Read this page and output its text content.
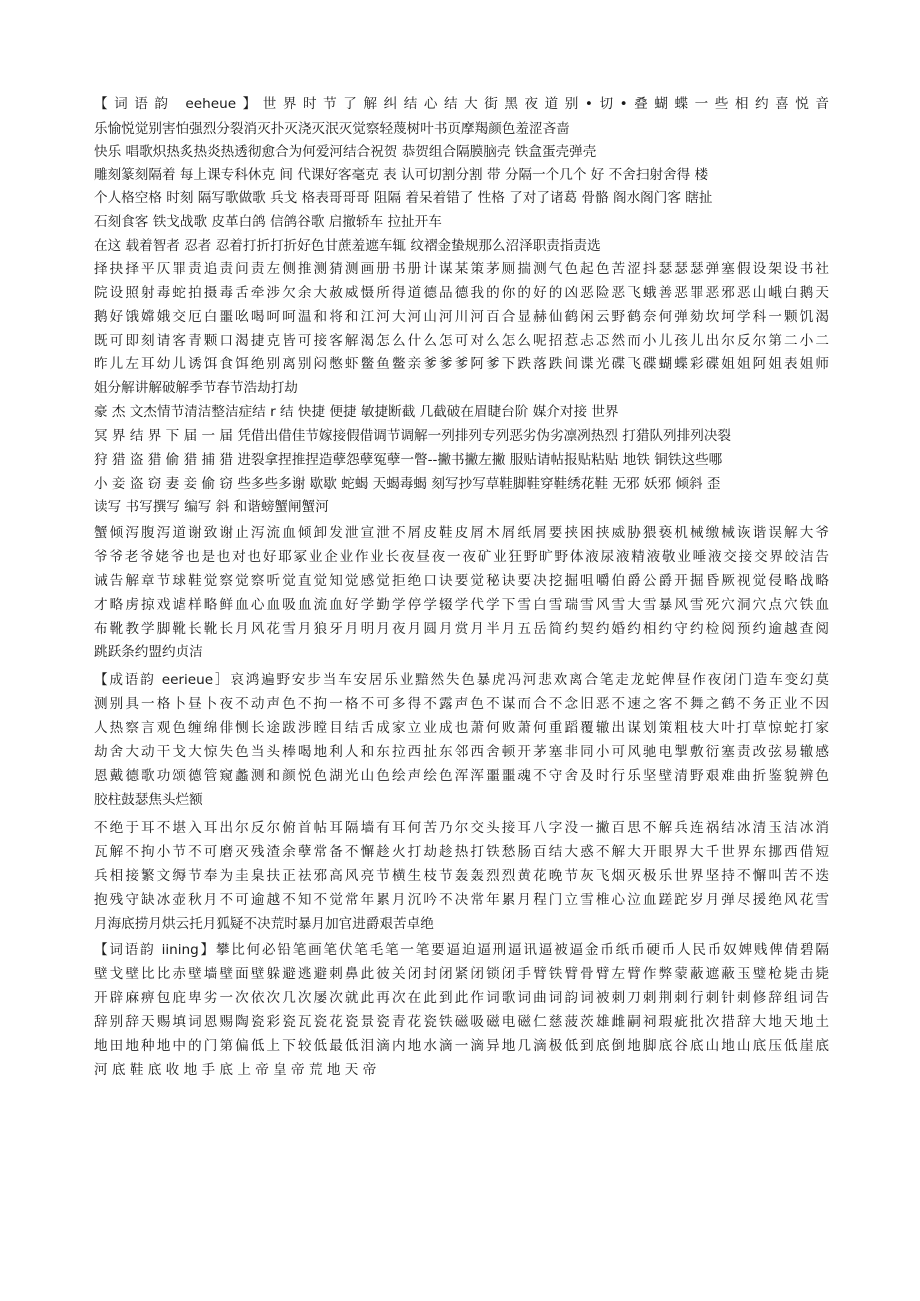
【词语韵 eeheue】世界时节了解纠结心结大街黑夜道别•切•叠蝴蝶一些相约喜悦音
乐愉悦觉别害怕强烈分裂消灭扑灭浇灭泯灭觉察轻蔑树叶书页摩羯颜色羞涩吝啬
快乐 唱歌炽热炙热炎热透彻愈合为何爱河结合祝贺 恭贺组合隔膜脑壳 铁盒蛋壳弹壳
雕刻篆刻隔着 每上课专科休克 间 代课好客毫克 表 认可切割分割 带 分隔一个几个 好 不舍扫射舍得 楼
个人格空格 时刻 隔写歌做歌 兵戈 格表哥哥哥 阻隔 着呆着错了 性格 了对了诸葛 骨骼 阁水阁门客 瞎扯
石刻食客 铁戈战歌 皮革白鸽 信鸽谷歌 启撤轿车 拉扯开车
在这 载着智者 忍者 忍着打折打折好色甘蔗羞遮车辄 纹褶金蛰规那么沼泽职责指责选
择抉择平仄罪责追责问责左侧推测猜测画册书册计谋某策茅厕揣测气色起色苦涩抖瑟瑟瑟弹塞假设架设书社
院设照射毒蛇拍摄毒舌牵涉欠余大赦威慑所得道德品德我的你的好的凶恶险恶飞蛾善恶罪恶邪恶山峨白鹅天
鹅好饿嫦娥交厄白噩吆喝呵呵温和将和江河大河山河川河百合显赫仙鹤闲云野鹤奈何弹劾坎坷学科一颗饥渴
既可即刻请客青颗口渴捷克皆可接客解渴怎么什么怎可对么怎么呢招惹忐忑然而小儿孩儿出尔反尔第二小二
昨儿左耳幼儿诱饵食饵绝别离别闷憋虾鳖鱼鳖亲爹爹爹阿爹下跌落跌间谍光碟飞碟蝴蝶彩碟姐姐阿姐表姐师
姐分解讲解破解季节春节浩劫打劫
豪 杰 文杰情节清洁整洁症结 r 结 快捷 便捷 敏捷断截 几截破在眉睫台阶 媒介对接 世界
冥 界 结 界 下 届 一 届 凭借出借佳节嫁接假借调节调解一列排列专列恶劣伪劣凛冽热烈 打猎队列排列决裂
狩 猎 盗 猎 偷 猎 捕 猎 进裂拿捏推捏造孽怨孽冤孽一瞥--撇书撇左撇 服贴请帖报贴粘贴 地铁 铜铁这些哪
小 妾 盗 窃 妻 妾 偷 窃 些多些多谢 歇歇 蛇蝎 天蝎毒蝎 刻写抄写草鞋脚鞋穿鞋绣花鞋 无邪 妖邪 倾斜 歪
读写 书写撰写 编写 斜 和谐螃蟹闸蟹河
蟹倾泻腹泻道谢致谢止泻流血倾卸发泄宣泄不屑皮鞋皮屑木屑纸屑要挟困挟威胁猥亵机械缴械诙谐误解大爷
爷爷老爷姥爷也是也对也好耶冢业企业作业长夜昼夜一夜矿业狂野旷野体液尿液精液敬业唾液交接交界皎洁告
诫告解章节球鞋觉察觉察听觉直觉知觉感觉拒绝口诀要觉秘诀要决挖掘咀嚼伯爵公爵开掘昏厥视觉侵略战略
才略虏掠戏谑样略鲜血心血吸血流血好学勤学停学辍学代学下雪白雪瑞雪风雪大雪暴风雪死穴洞穴点穴铁血
布靴教学脚靴长靴长月风花雪月狼牙月明月夜月圆月赏月半月五岳简约契约婚约相约守约检阅预约逾越查阅
跳跃条约盟约贞洁
【成语韵 eerieue］哀鸿遍野安步当车安居乐业黯然失色暴虎冯河悲欢离合笔走龙蛇俾昼作夜闭门造车变幻莫
测别具一格卜昼卜夜不动声色不拘一格不可多得不露声色不谋而合不念旧恶不速之客不舞之鹤不务正业不因
人热察言观色缠绵俳恻长途跋涉瞠目结舌成家立业成也萧何败萧何重蹈覆辙出谋划策粗枝大叶打草惊蛇打家
劫舍大动干戈大惊失色当头棒喝地利人和东拉西扯东邻西舍顿开茅塞非同小可风驰电掣敷衍塞责改弦易辙感
恩戴德歌功颂德管窥蠡测和颜悦色湖光山色绘声绘色浑浑噩噩魂不守舍及时行乐坚壁清野艰难曲折鉴貌辨色
胶柱鼓瑟焦头烂额
不绝于耳不堪入耳出尔反尔俯首帖耳隔墙有耳何苦乃尔交头接耳八字没一撇百思不解兵连祸结冰清玉洁冰消
瓦解不拘小节不可磨灭残渣余孽常备不懈趁火打劫趁热打铁愁肠百结大惑不解大开眼界大千世界东挪西借短
兵相接繁文缛节奉为圭臬扶正祛邪高风亮节横生枝节轰轰烈烈黄花晚节灰飞烟灭极乐世界坚持不懈叫苦不迭
抱残守缺冰壶秋月不可逾越不知不觉常年累月沉吟不决常年累月程门立雪椎心泣血蹉跎岁月弹尽援绝风花雪
月海底捞月烘云托月狐疑不决荒时暴月加官进爵艰苦卓绝
【词语韵 iining】攀比何必铅笔画笔伏笔毛笔一笔要逼迫逼刑逼讯逼被逼金币纸币硬币人民币奴婢贱俾倩碧隔
壁戈壁比比赤壁墙壁面壁躲避逃避刺鼻此彼关闭封闭紧闭锁闭手臂铁臂骨臂左臂作弊蒙蔽遮蔽玉璧枪毙击毙
开辟麻痹包庇卑劣一次依次几次屡次就此再次在此到此作词歌词曲词韵词被刺刀刺荆刺行刺针刺修辞组词告
辞别辞天赐填词恩赐陶瓷彩瓷瓦瓷花瓷景瓷青花瓷铁磁吸磁电磁仁慈菠茨雄雌嗣祠瑕疵批次措辞大地天地土
地田地种地中的门第偏低上下较低最低泪滴内地水滴一滴异地几滴极低到底倒地脚底谷底山地山底压低崖底
河 底 鞋 底 收 地 手 底 上 帝 皇 帝 荒 地 天 帝
